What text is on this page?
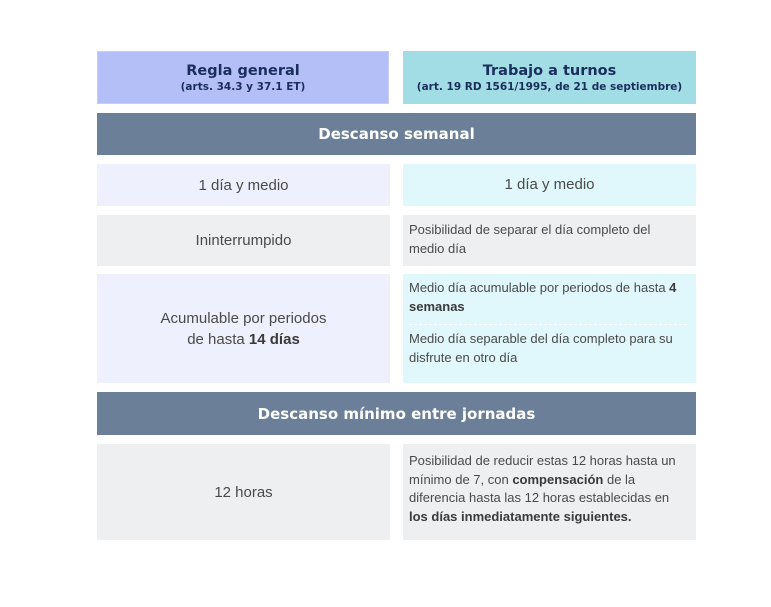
Regla general
(arts. 34.3 y 37.1 ET)
Trabajo a turnos
(art. 19 RD 1561/1995, de 21 de septiembre)
Descanso semanal
1 día y medio	1 día y medio
Ininterrumpido
Posibilidad de separar el día completo del medio día
Acumulable por periodos
de hasta 14 días
Medio día acumulable por periodos de hasta 4 semanas
Medio día separable del día completo para su disfrute en otro día
Descanso mínimo entre jornadas
12 horas
Posibilidad de reducir estas 12 horas hasta un mínimo de 7, con compensación de la diferencia hasta las 12 horas establecidas en los días inmediatamente siguientes.
